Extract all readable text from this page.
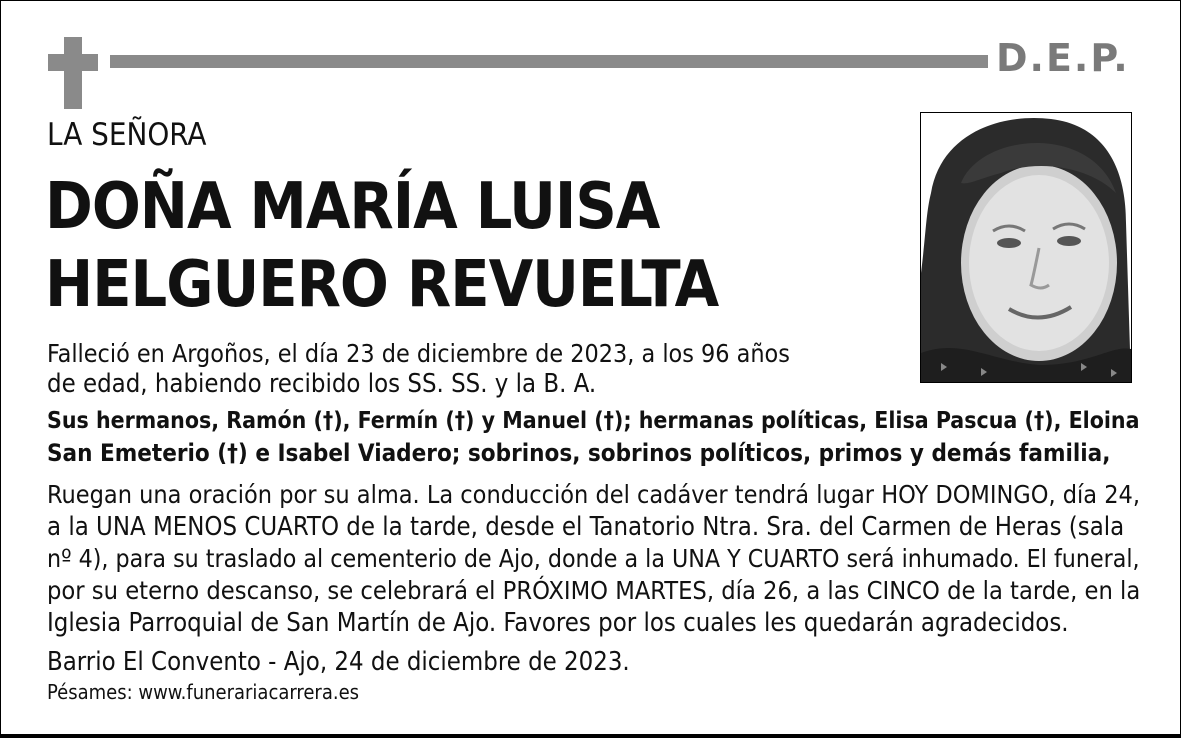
D.E.P.
LA SEÑORA
DOÑA MARÍA LUISA
HELGUERO REVUELTA
Falleció en Argoños, el día 23 de diciembre de 2023, a los 96 años
de edad, habiendo recibido los SS. SS. y la B. A.
Sus hermanos, Ramón (†), Fermín (†) y Manuel (†); hermanas políticas, Elisa Pascua (†), Eloina
San Emeterio (†) e Isabel Viadero; sobrinos, sobrinos políticos, primos y demás familia,
Ruegan una oración por su alma. La conducción del cadáver tendrá lugar HOY DOMINGO, día 24,
a la UNA MENOS CUARTO de la tarde, desde el Tanatorio Ntra. Sra. del Carmen de Heras (sala
nº 4), para su traslado al cementerio de Ajo, donde a la UNA Y CUARTO será inhumado. El funeral,
por su eterno descanso, se celebrará el PRÓXIMO MARTES, día 26, a las CINCO de la tarde, en la
Iglesia Parroquial de San Martín de Ajo. Favores por los cuales les quedarán agradecidos.
Barrio El Convento - Ajo, 24 de diciembre de 2023.
Pésames: www.funerariacarrera.es
